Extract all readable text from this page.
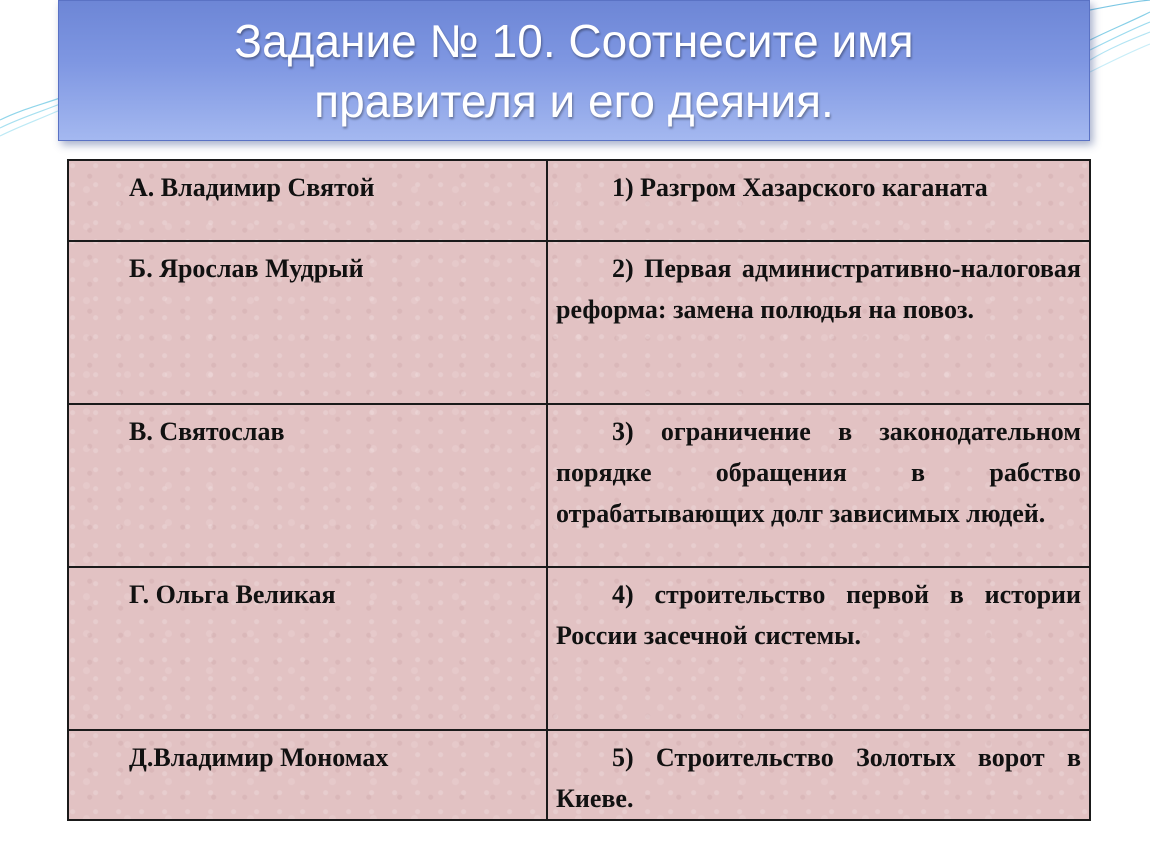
Задание № 10. Соотнесите имя правителя и его деяния.
А. Владимир Святой	1) Разгром Хазарского каганата
Б. Ярослав Мудрый	2) Первая административно-налоговая реформа: замена полюдья на повоз.
В. Святослав	3) ограничение в законодательном порядке обращения в рабство отрабатывающих долг зависимых людей.
Г. Ольга Великая	4) строительство первой в истории России засечной системы.
Д.Владимир Мономах	5) Строительство Золотых ворот в Киеве.
